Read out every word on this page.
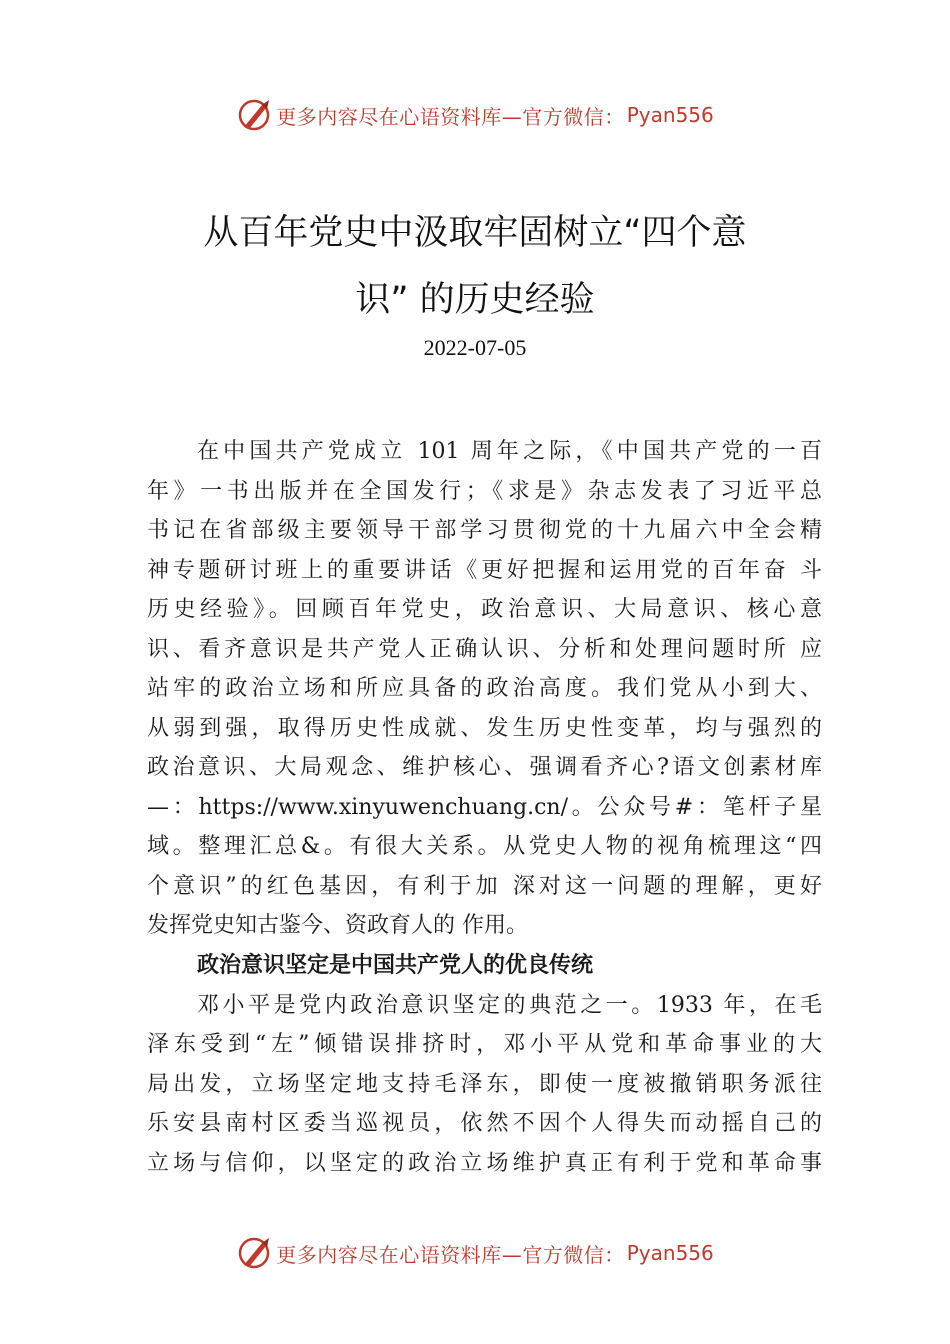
更多内容尽在心语资料库—官方微信： Pyan556
从百年党史中汲取牢固树立“四个意
识” 的历史经验
2022-07-05
在中国共产党成立 101 周年之际，《中国共产党的一百
年》一书出版并在全国发行；《求是》杂志发表了习近平总
书记在省部级主要领导干部学习贯彻党的十九届六中全会精
神专题研讨班上的重要讲话《更好把握和运用党的百年奋 斗
历史经验》。回顾百年党史，政治意识、大局意识、核心意
识、看齐意识是共产党人正确认识、分析和处理问题时所 应
站牢的政治立场和所应具备的政治高度。我们党从小到大、
从弱到强，取得历史性成就、发生历史性变革，均与强烈的
政治意识、大局观念、维护核心、强调看齐心?语文创素材库
—：https://www.xinyuwenchuang.cn/。公众号#：笔杆子星
域。整理汇总&。有很大关系。从党史人物的视角梳理这“四
个意识”的红色基因，有利于加 深对这一问题的理解，更好
发挥党史知古鉴今、资政育人的 作用。
政治意识坚定是中国共产党人的优良传统
邓小平是党内政治意识坚定的典范之一。1933 年，在毛
泽东受到“左”倾错误排挤时，邓小平从党和革命事业的大
局出发，立场坚定地支持毛泽东，即使一度被撤销职务派往
乐安县南村区委当巡视员，依然不因个人得失而动摇自己的
立场与信仰，以坚定的政治立场维护真正有利于党和革命事
更多内容尽在心语资料库—官方微信： Pyan556
